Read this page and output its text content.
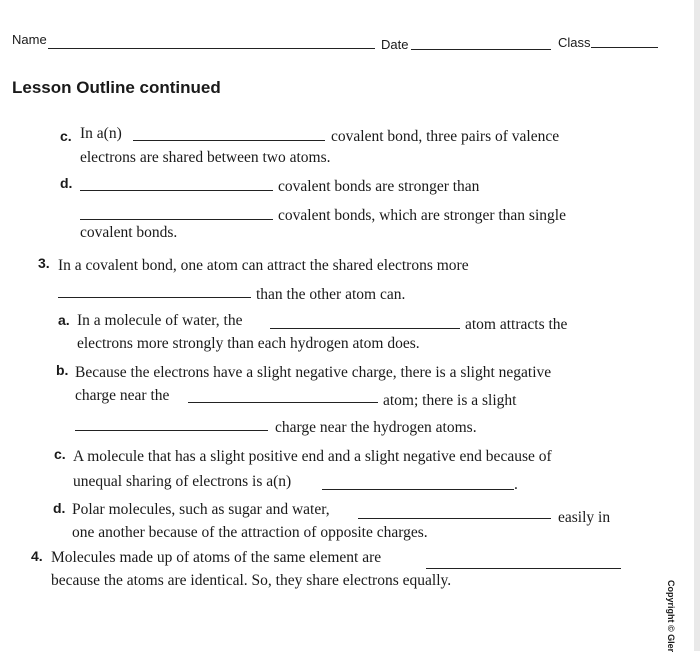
Name	Date	Class
Lesson Outline continued
c. In a(n)	covalent bond, three pairs of valence
electrons are shared between two atoms.
d.	covalent bonds are stronger than
covalent bonds, which are stronger than single
covalent bonds.
3. In a covalent bond, one atom can attract the shared electrons more
than the other atom can.
a. In a molecule of water, the	atom attracts the
electrons more strongly than each hydrogen atom does.
b. Because the electrons have a slight negative charge, there is a slight negative
charge near the	atom; there is a slight
charge near the hydrogen atoms.
c. A molecule that has a slight positive end and a slight negative end because of
unequal sharing of electrons is a(n)	.
d. Polar molecules, such as sugar and water,	easily in
one another because of the attraction of opposite charges.
4. Molecules made up of atoms of the same element are
because the atoms are identical. So, they share electrons equally.	Copyright © Gler
